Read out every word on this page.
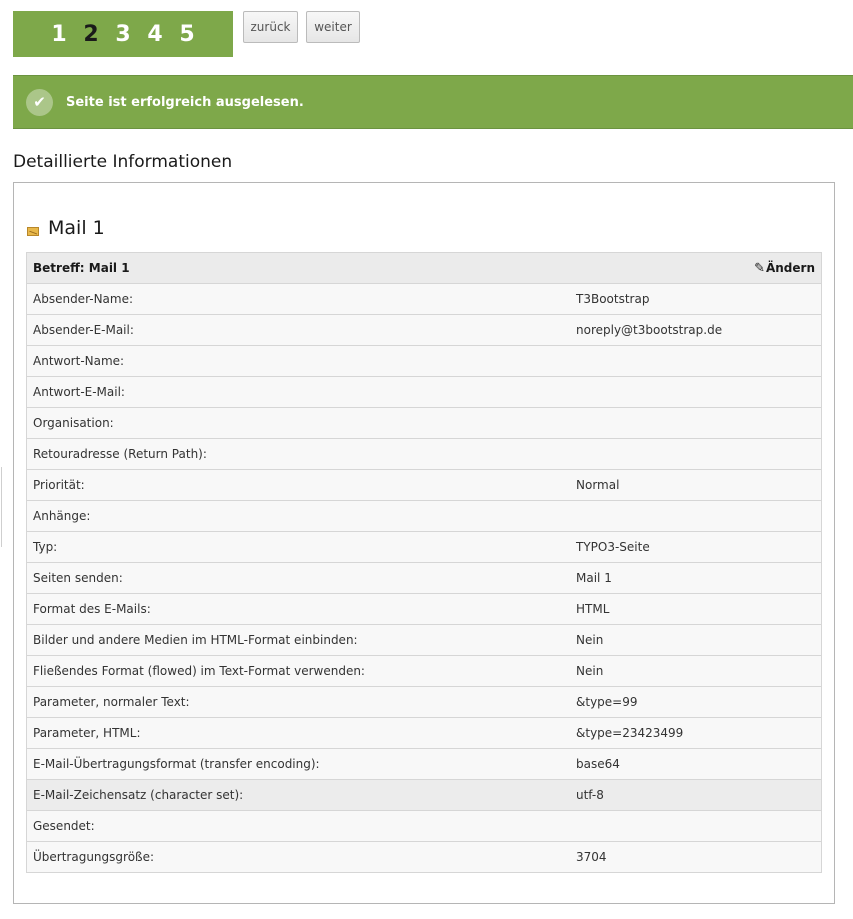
1 2 3 4 5	zurück	weiter
✔	Seite ist erfolgreich ausgelesen.
Detaillierte Informationen
Mail 1
Betreff: Mail 1 ✎Ändern	

Absender-Name:	T3Bootstrap
Absender-E-Mail:	noreply@t3bootstrap.de
Antwort-Name:	
Antwort-E-Mail:	
Organisation:	
Retouradresse (Return Path):	
Priorität:	Normal
Anhänge:	
Typ:	TYPO3-Seite
Seiten senden:	Mail 1
Format des E-Mails:	HTML
Bilder und andere Medien im HTML-Format einbinden:	Nein
Fließendes Format (flowed) im Text-Format verwenden:	Nein
Parameter, normaler Text:	&type=99
Parameter, HTML:	&type=23423499
E-Mail-Übertragungsformat (transfer encoding):	base64
E-Mail-Zeichensatz (character set):	utf-8
Gesendet:	
Übertragungsgröße:	3704
